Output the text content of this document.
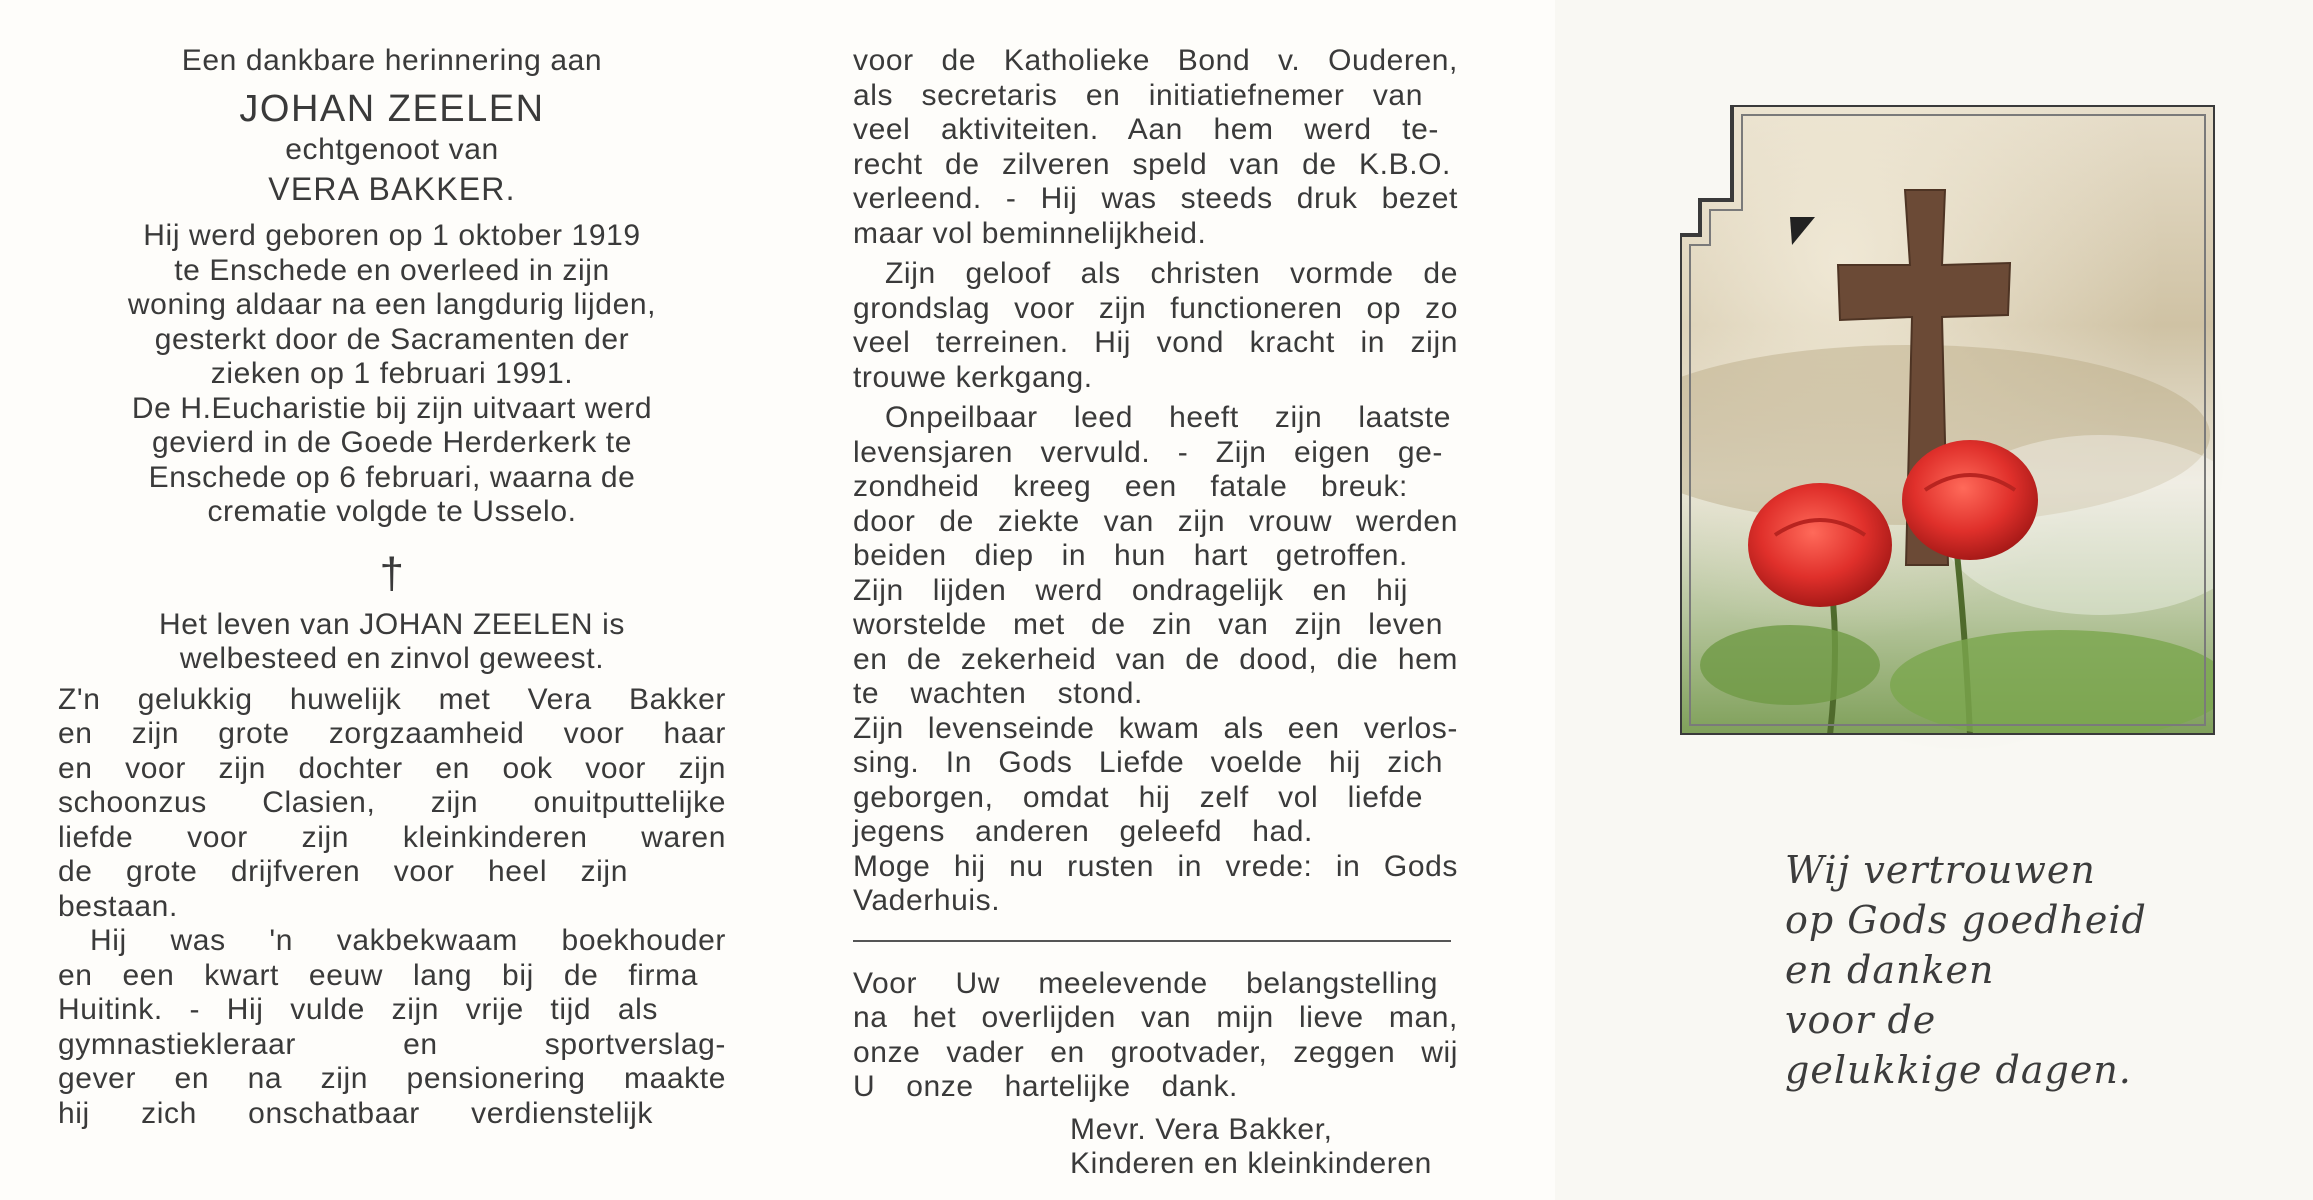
Een dankbare herinnering aan
JOHAN ZEELEN
echtgenoot van
VERA BAKKER.
Hij werd geboren op 1 oktober 1919
te Enschede en overleed in zijn
woning aldaar na een langdurig lijden,
gesterkt door de Sacramenten der
zieken op 1 februari 1991.
De H.Eucharistie bij zijn uitvaart werd
gevierd in de Goede Herderkerk te
Enschede op 6 februari, waarna de
crematie volgde te Usselo.
†
Het leven van JOHAN ZEELEN is
welbesteed en zinvol geweest.
Z'n gelukkig huwelijk met Vera Bakker
en zijn grote zorgzaamheid voor haar
en voor zijn dochter en ook voor zijn
schoonzus Clasien, zijn onuitputtelijke
liefde voor zijn kleinkinderen waren
de grote drijfveren voor heel zijn
bestaan.
Hij was 'n vakbekwaam boekhouder
en een kwart eeuw lang bij de firma
Huitink. - Hij vulde zijn vrije tijd als
gymnastiekleraar en sportverslag-
gever en na zijn pensionering maakte
hij zich onschatbaar verdienstelijk
voor de Katholieke Bond v. Ouderen,
als secretaris en initiatiefnemer van
veel aktiviteiten. Aan hem werd te-
recht de zilveren speld van de K.B.O.
verleend. - Hij was steeds druk bezet
maar vol beminnelijkheid.
Zijn geloof als christen vormde de
grondslag voor zijn functioneren op zo
veel terreinen. Hij vond kracht in zijn
trouwe kerkgang.
Onpeilbaar leed heeft zijn laatste
levensjaren vervuld. - Zijn eigen ge-
zondheid kreeg een fatale breuk:
door de ziekte van zijn vrouw werden
beiden diep in hun hart getroffen.
Zijn lijden werd ondragelijk en hij
worstelde met de zin van zijn leven
en de zekerheid van de dood, die hem
te wachten stond.
Zijn levenseinde kwam als een verlos-
sing. In Gods Liefde voelde hij zich
geborgen, omdat hij zelf vol liefde
jegens anderen geleefd had.
Moge hij nu rusten in vrede: in Gods
Vaderhuis.
Voor Uw meelevende belangstelling
na het overlijden van mijn lieve man,
onze vader en grootvader, zeggen wij
U onze hartelijke dank.
Mevr. Vera Bakker,
Kinderen en kleinkinderen
Wij vertrouwen
op Gods goedheid
en danken
voor de
gelukkige dagen.
